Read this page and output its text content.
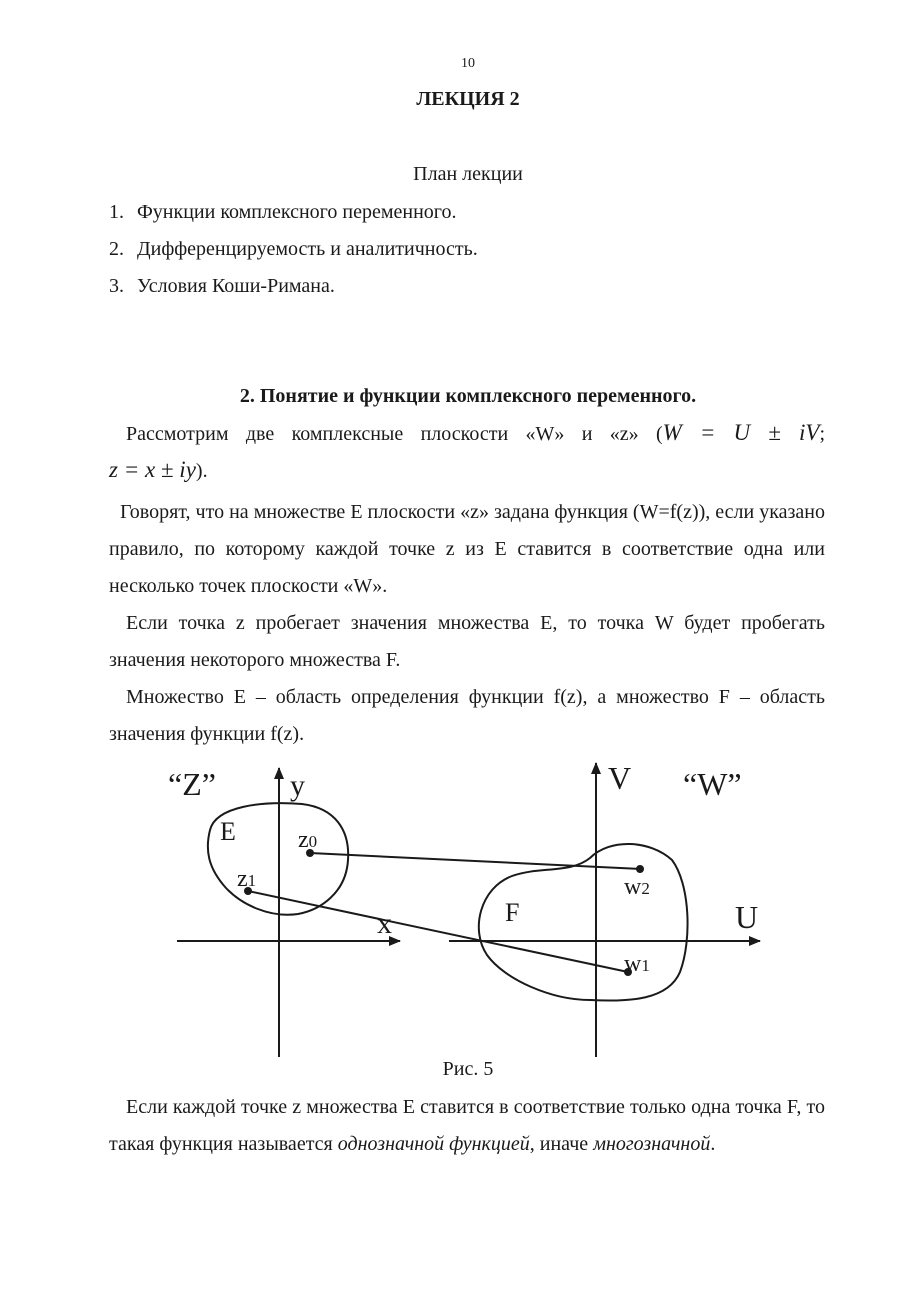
10
ЛЕКЦИЯ 2
План лекции
1. Функции комплексного переменного.
2. Дифференцируемость и аналитичность.
3. Условия Коши-Римана.
2. Понятие и функции комплексного переменного.

Рассмотрим две комплексные плоскости «W» и «z» (W = U ± iV;

z = x ± iy).

Говорят, что на множестве E плоскости «z» задана функция (W=f(z)), если указано правило, по которому каждой точке z из E ставится в соответствие одна или несколько точек плоскости «W».

Если точка z пробегает значения множества E, то точка W будет пробегать значения некоторого множества F.

Множество E – область определения функции f(z), а множество F – область значения функции f(z).

“Z”	“W”
y
x
V
U
E
F
z0
z1	w2
w1
Рис. 5

Если каждой точке z множества E ставится в соответствие только одна точка F, то такая функция называется однозначной функцией, иначе многозначной.
